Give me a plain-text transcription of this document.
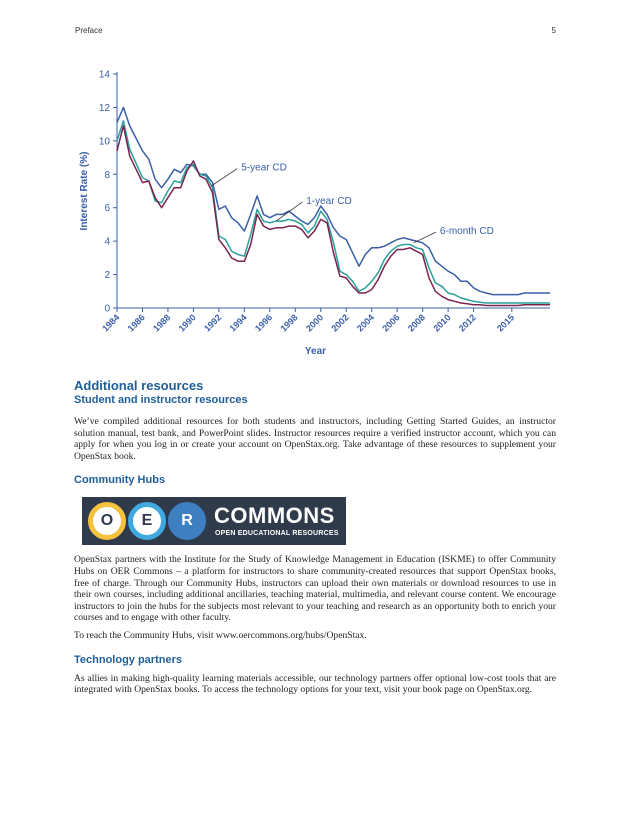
Preface	5
0
2
4
6
8
10
12
14
1984 1986 1988 1990 1992 1994 1996 1998 2000 2002 2004 2006 2008 2010 2012 2015
5-year CD
1-year CD
6-month CD
Interest Rate (%)
Year
Additional resources
Student and instructor resources

We’ve compiled additional resources for both students and instructors, including Getting Started Guides, an instructor solution manual, test bank, and PowerPoint slides. Instructor resources require a verified instructor account, which you can apply for when you log in or create your account on OpenStax.org. Take advantage of these resources to supplement your OpenStax book.

Community Hubs
O	E	R COMMONS
OPEN EDUCATIONAL RESOURCES

OpenStax partners with the Institute for the Study of Knowledge Management in Education (ISKME) to offer Community Hubs on OER Commons – a platform for instructors to share community-created resources that support OpenStax books, free of charge. Through our Community Hubs, instructors can upload their own materials or download resources to use in their own courses, including additional ancillaries, teaching material, multimedia, and relevant course content. We encourage instructors to join the hubs for the subjects most relevant to your teaching and research as an opportunity both to enrich your courses and to engage with other faculty.

To reach the Community Hubs, visit www.oercommons.org/hubs/OpenStax.

Technology partners

As allies in making high-quality learning materials accessible, our technology partners offer optional low-cost tools that are integrated with OpenStax books. To access the technology options for your text, visit your book page on OpenStax.org.
